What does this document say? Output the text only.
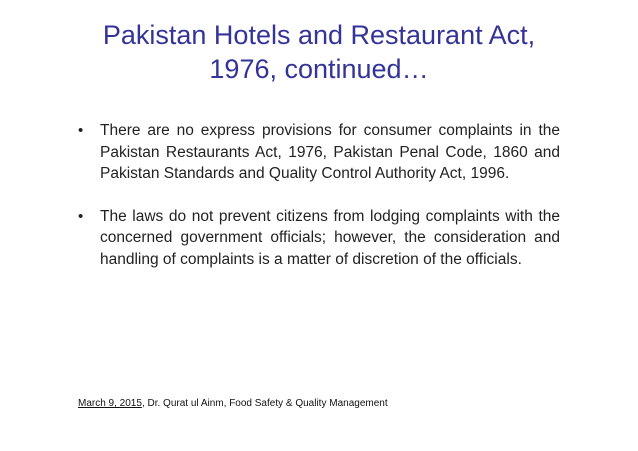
Pakistan Hotels and Restaurant Act,
1976, continued…
• There are no express provisions for consumer complaints in the Pakistan Restaurants Act, 1976, Pakistan Penal Code, 1860 and Pakistan Standards and Quality Control Authority Act, 1996.
• The laws do not prevent citizens from lodging complaints with the concerned government officials; however, the consideration and handling of complaints is a matter of discretion of the officials.
March 9, 2015, Dr. Qurat ul Ainm, Food Safety & Quality Management
